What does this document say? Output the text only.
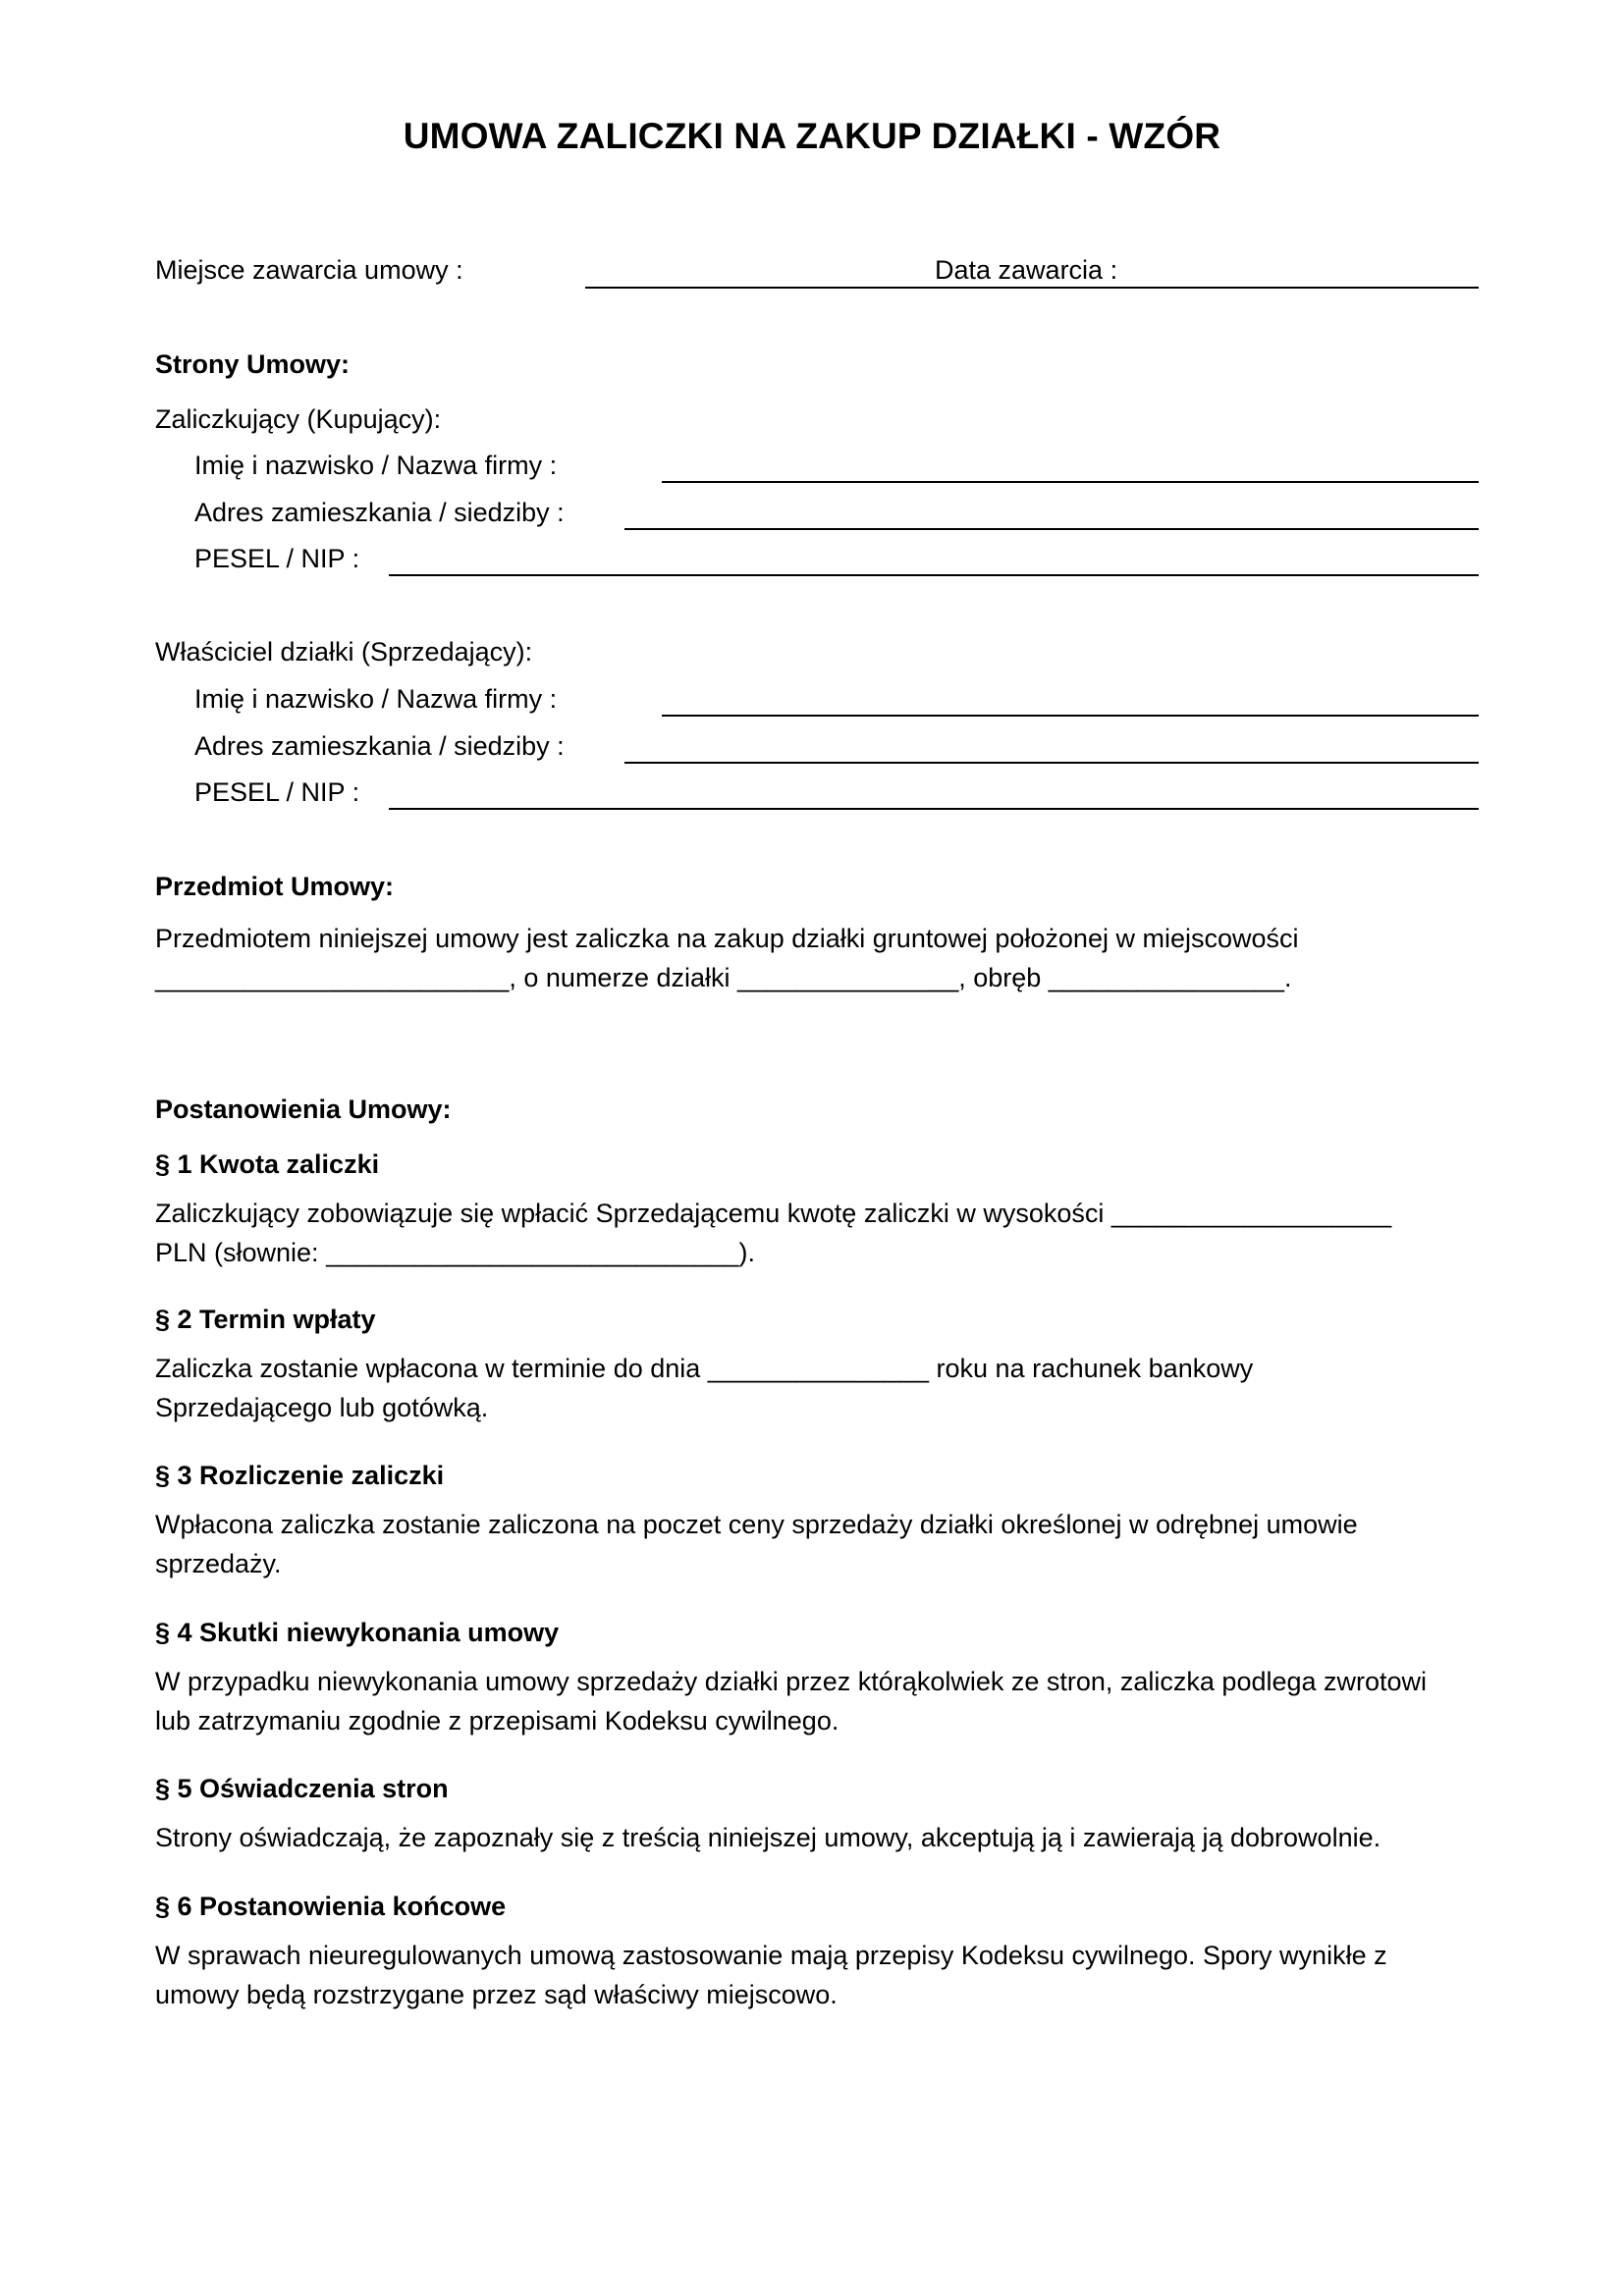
UMOWA ZALICZKI NA ZAKUP DZIAŁKI - WZÓR
Miejsce zawarcia umowy :	Data zawarcia :
Strony Umowy:
Zaliczkujący (Kupujący):
Imię i nazwisko / Nazwa firmy :
Adres zamieszkania / siedziby :
PESEL / NIP :
Właściciel działki (Sprzedający):
Imię i nazwisko / Nazwa firmy :
Adres zamieszkania / siedziby :
PESEL / NIP :
Przedmiot Umowy:
Przedmiotem niniejszej umowy jest zaliczka na zakup działki gruntowej położonej w miejscowości
________________________, o numerze działki _______________, obręb ________________.
Postanowienia Umowy:
§ 1 Kwota zaliczki
Zaliczkujący zobowiązuje się wpłacić Sprzedającemu kwotę zaliczki w wysokości ___________________
PLN (słownie: ____________________________).
§ 2 Termin wpłaty
Zaliczka zostanie wpłacona w terminie do dnia _______________ roku na rachunek bankowy
Sprzedającego lub gotówką.
§ 3 Rozliczenie zaliczki
Wpłacona zaliczka zostanie zaliczona na poczet ceny sprzedaży działki określonej w odrębnej umowie
sprzedaży.
§ 4 Skutki niewykonania umowy
W przypadku niewykonania umowy sprzedaży działki przez którąkolwiek ze stron, zaliczka podlega zwrotowi
lub zatrzymaniu zgodnie z przepisami Kodeksu cywilnego.
§ 5 Oświadczenia stron
Strony oświadczają, że zapoznały się z treścią niniejszej umowy, akceptują ją i zawierają ją dobrowolnie.
§ 6 Postanowienia końcowe
W sprawach nieuregulowanych umową zastosowanie mają przepisy Kodeksu cywilnego. Spory wynikłe z
umowy będą rozstrzygane przez sąd właściwy miejscowo.
